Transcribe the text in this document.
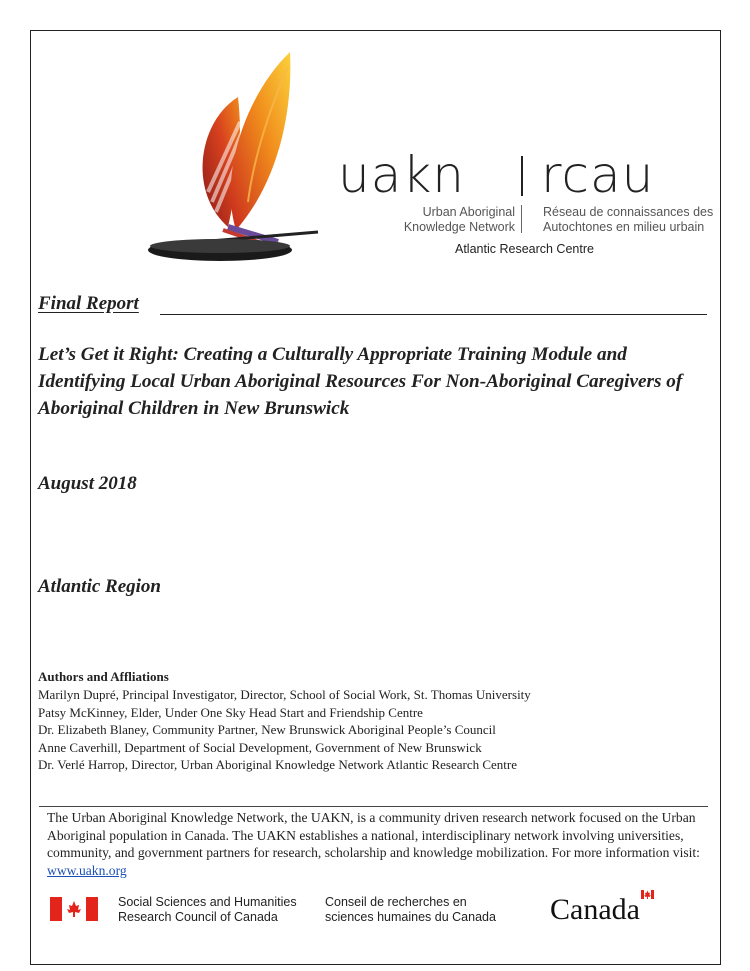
uakn rcau
Urban Aboriginal
Knowledge Network
Réseau de connaissances des
Autochtones en milieu urbain
Atlantic Research Centre
Final Report
Let’s Get it Right: Creating a Culturally Appropriate Training Module and Identifying Local Urban Aboriginal Resources For Non-Aboriginal Caregivers of Aboriginal Children in New Brunswick
August 2018
Atlantic Region
Authors and Affliations
Marilyn Dupré, Principal Investigator, Director, School of Social Work, St. Thomas University
Patsy McKinney, Elder, Under One Sky Head Start and Friendship Centre
Dr. Elizabeth Blaney, Community Partner, New Brunswick Aboriginal People’s Council
Anne Caverhill, Department of Social Development, Government of New Brunswick
Dr. Verlé Harrop, Director, Urban Aboriginal Knowledge Network Atlantic Research Centre

The Urban Aboriginal Knowledge Network, the UAKN, is a community driven research network focused on the Urban Aboriginal population in Canada. The UAKN establishes a national, interdisciplinary network involving universities, community, and government partners for research, scholarship and knowledge mobilization. For more information visit: www.uakn.org

Social Sciences and Humanities
Research Council of Canada
Conseil de recherches en
sciences humaines du Canada Canada
